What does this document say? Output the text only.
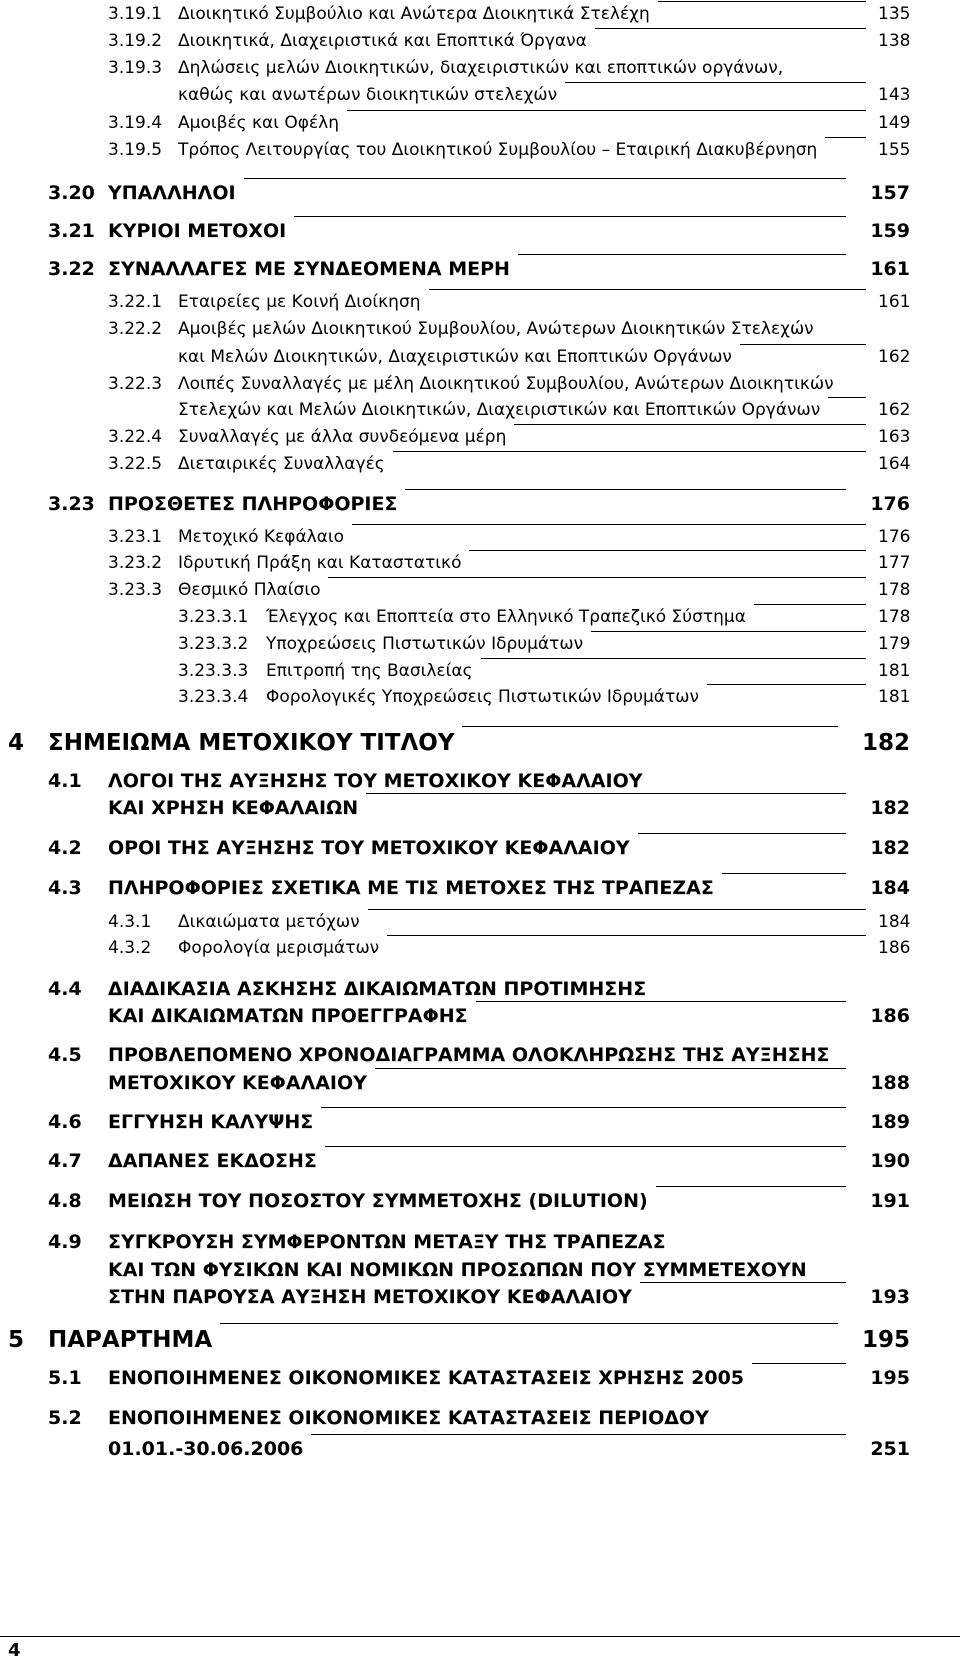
3.19.1 Διοικητικό Συμβούλιο και Ανώτερα Διοικητικά Στελέχη	135
3.19.2 Διοικητικά, Διαχειριστικά και Εποπτικά Όργανα	138
3.19.3 Δηλώσεις μελών Διοικητικών, διαχειριστικών και εποπτικών οργάνων,
καθώς και ανωτέρων διοικητικών στελεχών	143
3.19.4 Αμοιβές και Οφέλη	149
3.19.5 Τρόπος Λειτουργίας του Διοικητικού Συμβουλίου – Εταιρική Διακυβέρνηση	155
3.20 ΥΠΑΛΛΗΛΟΙ	157
3.21 ΚΥΡΙΟΙ ΜΕΤΟΧΟΙ	159
3.22 ΣΥΝΑΛΛΑΓΕΣ ΜΕ ΣΥΝΔΕΟΜΕΝΑ ΜΕΡΗ	161
3.22.1 Εταιρείες με Κοινή Διοίκηση	161
3.22.2 Αμοιβές μελών Διοικητικού Συμβουλίου, Ανώτερων Διοικητικών Στελεχών
και Μελών Διοικητικών, Διαχειριστικών και Εποπτικών Οργάνων	162
3.22.3 Λοιπές Συναλλαγές με μέλη Διοικητικού Συμβουλίου, Ανώτερων Διοικητικών
Στελεχών και Μελών Διοικητικών, Διαχειριστικών και Εποπτικών Οργάνων	162
3.22.4 Συναλλαγές με άλλα συνδεόμενα μέρη	163
3.22.5 Διεταιρικές Συναλλαγές	164
3.23 ΠΡΟΣΘΕΤΕΣ ΠΛΗΡΟΦΟΡΙΕΣ	176
3.23.1 Μετοχικό Κεφάλαιο	176
3.23.2 Ιδρυτική Πράξη και Καταστατικό	177
3.23.3 Θεσμικό Πλαίσιο	178
3.23.3.1 Έλεγχος και Εποπτεία στο Ελληνικό Τραπεζικό Σύστημα	178
3.23.3.2 Υποχρεώσεις Πιστωτικών Ιδρυμάτων	179
3.23.3.3 Επιτροπή της Βασιλείας	181
3.23.3.4 Φορολογικές Υποχρεώσεις Πιστωτικών Ιδρυμάτων	181
4 ΣΗΜΕΙΩΜΑ ΜΕΤΟΧΙΚΟΥ ΤΙΤΛΟΥ	182
4.1 ΛΟΓΟΙ ΤΗΣ ΑΥΞΗΣΗΣ ΤΟΥ ΜΕΤΟΧΙΚΟΥ ΚΕΦΑΛΑΙΟΥ
ΚΑΙ ΧΡΗΣΗ ΚΕΦΑΛΑΙΩΝ	182
4.2 ΟΡΟΙ ΤΗΣ ΑΥΞΗΣΗΣ ΤΟΥ ΜΕΤΟΧΙΚΟΥ ΚΕΦΑΛΑΙΟΥ	182
4.3 ΠΛΗΡΟΦΟΡΙΕΣ ΣΧΕΤΙΚΑ ΜΕ ΤΙΣ ΜΕΤΟΧΕΣ ΤΗΣ ΤΡΑΠΕΖΑΣ	184
4.3.1 Δικαιώματα μετόχων	184
4.3.2 Φορολογία μερισμάτων	186
4.4 ΔΙΑΔΙΚΑΣΙΑ ΑΣΚΗΣΗΣ ΔΙΚΑΙΩΜΑΤΩΝ ΠΡΟΤΙΜΗΣΗΣ
ΚΑΙ ΔΙΚΑΙΩΜΑΤΩΝ ΠΡΟΕΓΓΡΑΦΗΣ	186
4.5 ΠΡΟΒΛΕΠΟΜΕΝΟ ΧΡΟΝΟΔΙΑΓΡΑΜΜΑ ΟΛΟΚΛΗΡΩΣΗΣ ΤΗΣ ΑΥΞΗΣΗΣ
ΜΕΤΟΧΙΚΟΥ ΚΕΦΑΛΑΙΟΥ	188
4.6 ΕΓΓΥΗΣΗ ΚΑΛΥΨΗΣ	189
4.7 ΔΑΠΑΝΕΣ ΕΚΔΟΣΗΣ	190
4.8 ΜΕΙΩΣΗ ΤΟΥ ΠΟΣΟΣΤΟΥ ΣΥΜΜΕΤΟΧΗΣ (DILUTION)	191
4.9 ΣΥΓΚΡΟΥΣΗ ΣΥΜΦΕΡΟΝΤΩΝ ΜΕΤΑΞΥ ΤΗΣ ΤΡΑΠΕΖΑΣ
ΚΑΙ ΤΩΝ ΦΥΣΙΚΩΝ ΚΑΙ ΝΟΜΙΚΩΝ ΠΡΟΣΩΠΩΝ ΠΟΥ ΣΥΜΜΕΤΕΧΟΥΝ
ΣΤΗΝ ΠΑΡΟΥΣΑ ΑΥΞΗΣΗ ΜΕΤΟΧΙΚΟΥ ΚΕΦΑΛΑΙΟΥ	193
5 ΠΑΡΑΡΤΗΜΑ	195
5.1 ΕΝΟΠΟΙΗΜΕΝΕΣ ΟΙΚΟΝΟΜΙΚΕΣ ΚΑΤΑΣΤΑΣΕΙΣ ΧΡΗΣΗΣ 2005	195
5.2 ΕΝΟΠΟΙΗΜΕΝΕΣ ΟΙΚΟΝΟΜΙΚΕΣ ΚΑΤΑΣΤΑΣΕΙΣ ΠΕΡΙΟΔΟΥ
01.01.-30.06.2006	251
4
